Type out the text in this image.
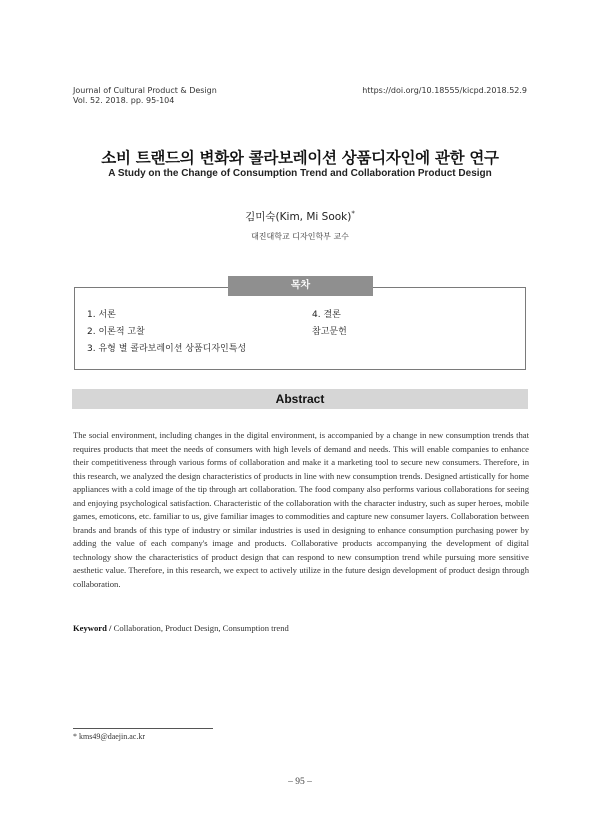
Journal of Cultural Product & Design
Vol. 52. 2018. pp. 95-104
https://doi.org/10.18555/kicpd.2018.52.9
소비 트랜드의 변화와 콜라보레이션 상품디자인에 관한 연구
A Study on the Change of Consumption Trend and Collaboration Product Design
김미숙(Kim, Mi Sook)*
대진대학교 디자인학부 교수
목차
1. 서론
2. 이론적 고찰
3. 유형 별 콜라보레이션 상품디자인특성
4. 결론
참고문헌
Abstract
The social environment, including changes in the digital environment, is accompanied by a change in new consumption trends that requires products that meet the needs of consumers with high levels of demand and needs. This will enable companies to enhance their competitiveness through various forms of collaboration and make it a marketing tool to secure new consumers. Therefore, in this research, we analyzed the design characteristics of products in line with new consumption trends. Designed artistically for home appliances with a cold image of the tip through art collaboration. The food company also performs various collaborations for seeing and enjoying psychological satisfaction. Characteristic of the collaboration with the character industry, such as super heroes, mobile games, emoticons, etc. familiar to us, give familiar images to commodities and capture new consumer layers. Collaboration between brands and brands of this type of industry or similar industries is used in designing to enhance consumption purchasing power by adding the value of each company's image and products. Collaborative products accompanying the development of digital technology show the characteristics of product design that can respond to new consumption trend while pursuing more sensitive aesthetic value. Therefore, in this research, we expect to actively utilize in the future design development of product design through collaboration.
Keyword / Collaboration, Product Design, Consumption trend
* kms49@daejin.ac.kr
– 95 –
